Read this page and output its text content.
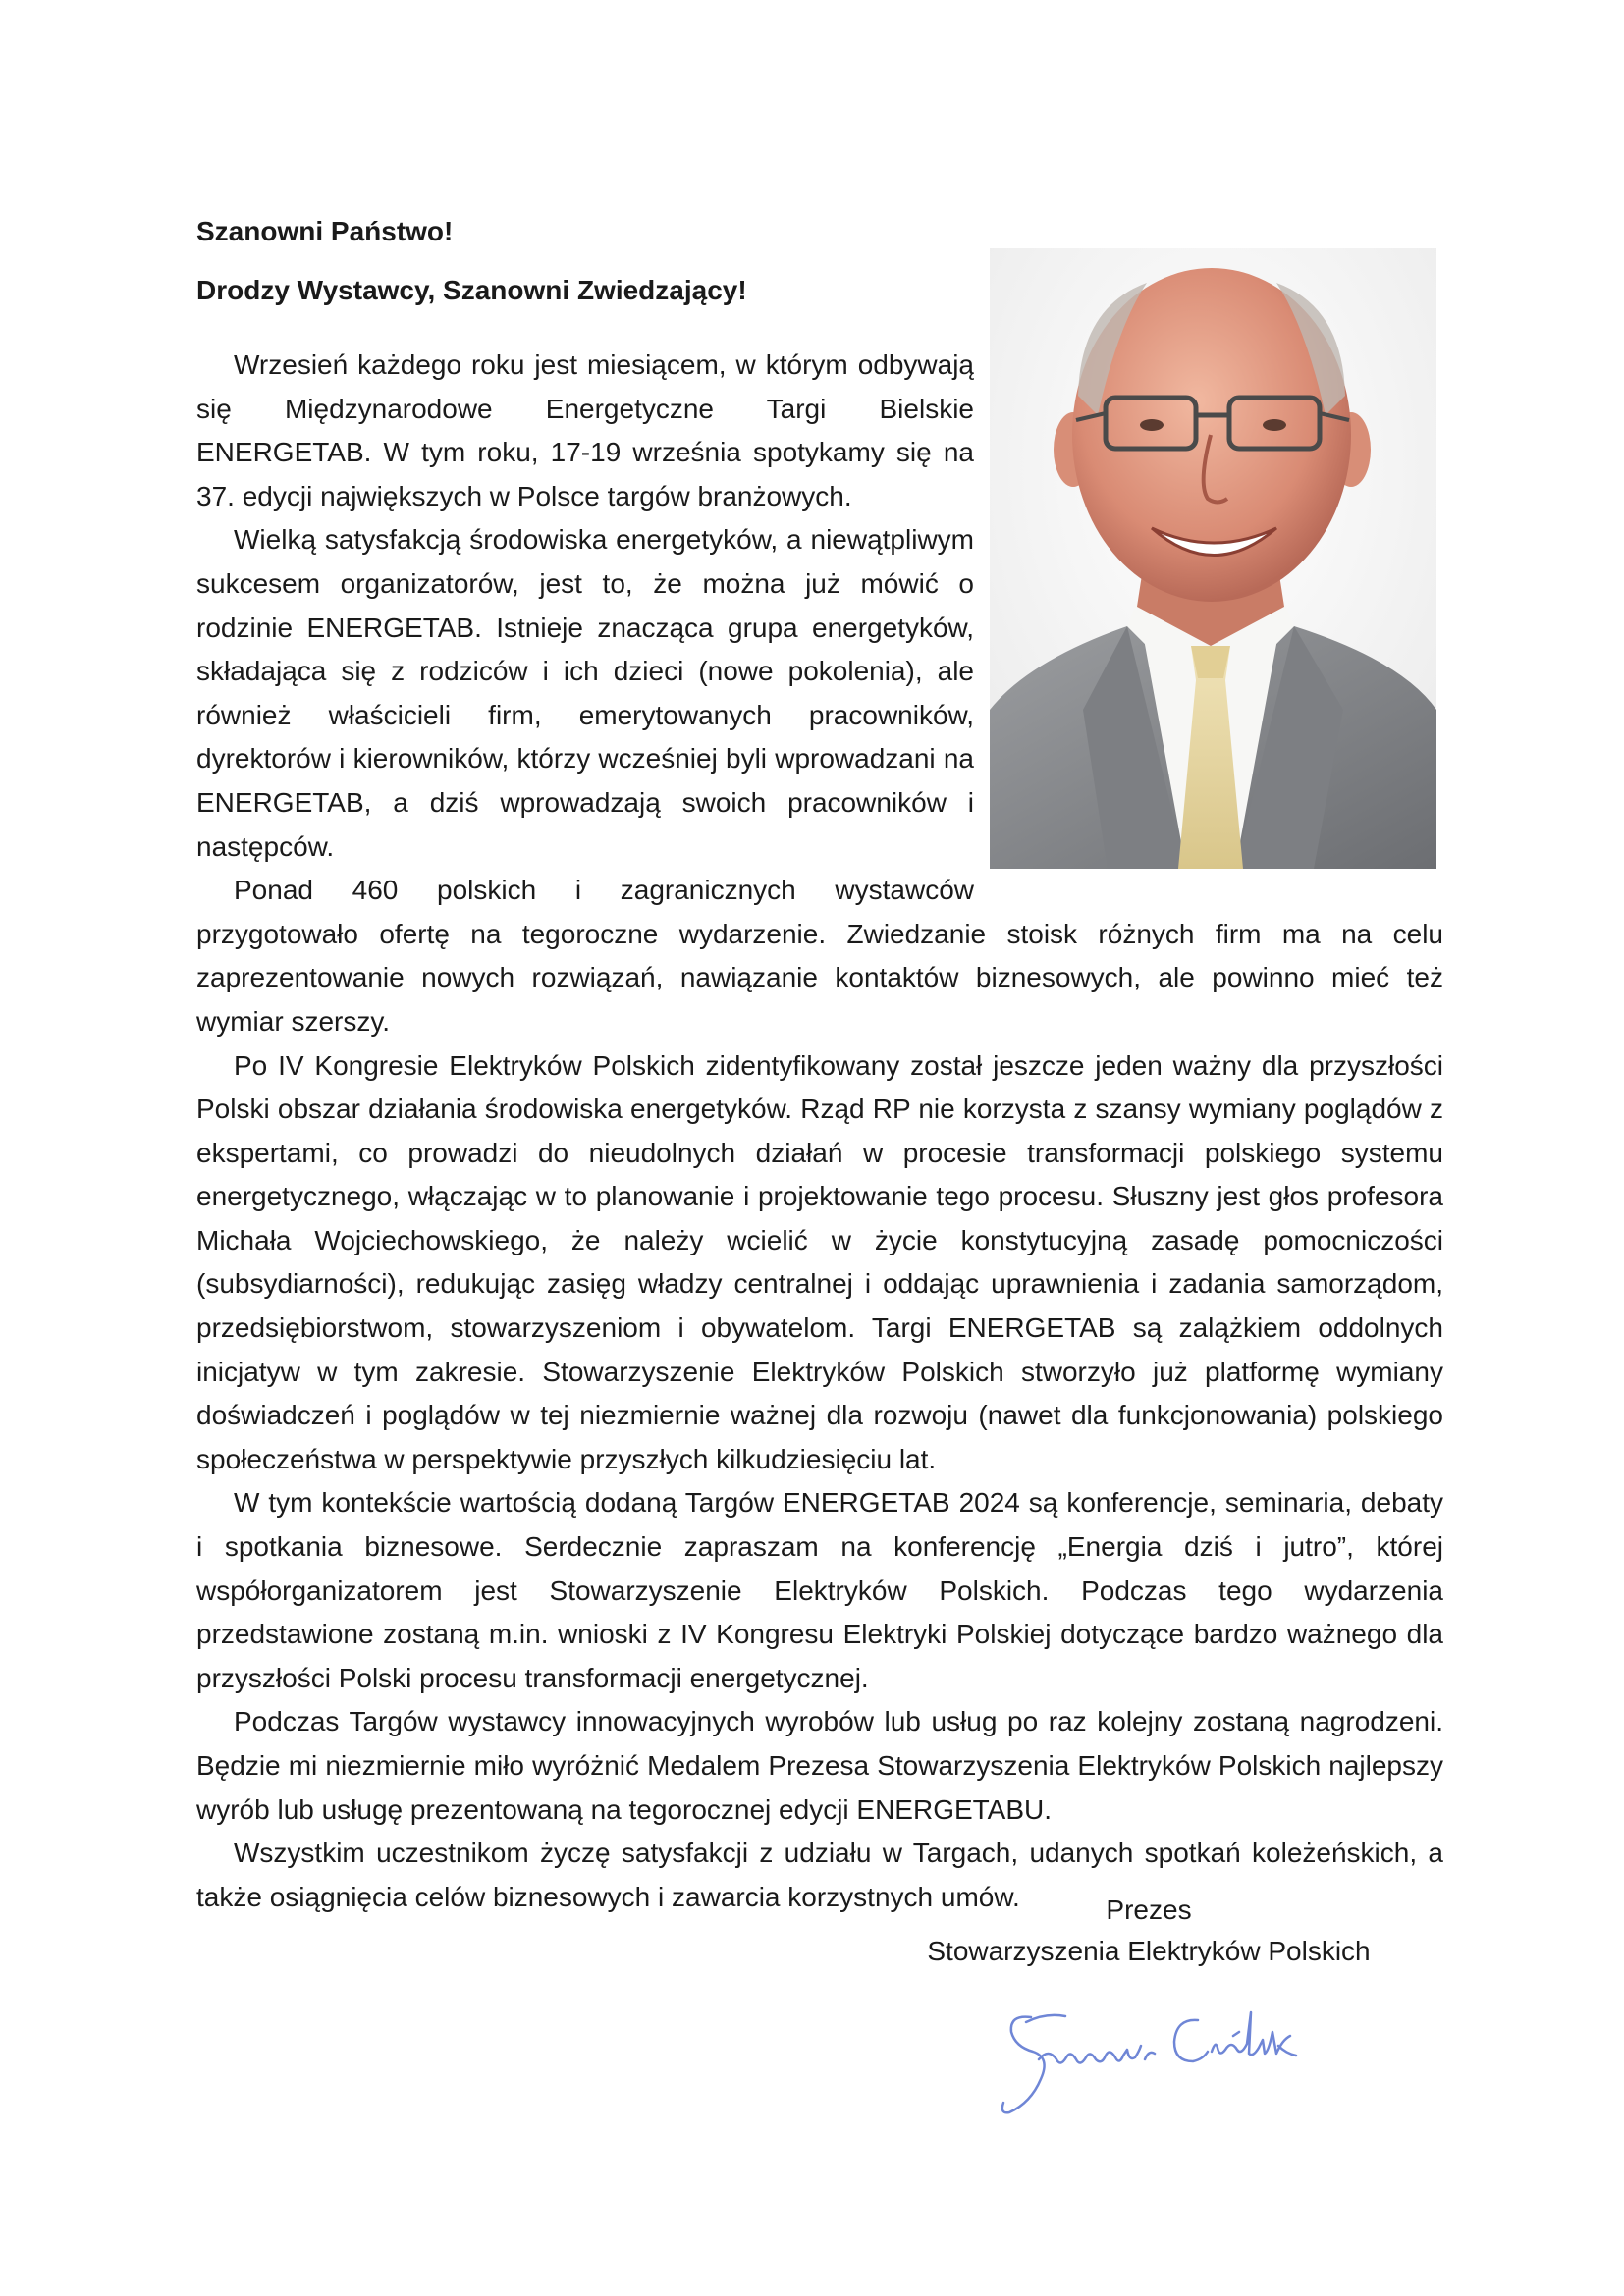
Szanowni Państwo!
Drodzy Wystawcy, Szanowni Zwiedzający!

Wrzesień każdego roku jest miesiącem, w którym odbywają się Międzynarodowe Energetyczne Targi Bielskie ENERGETAB. W tym roku, 17-19 września spotykamy się na 37. edycji największych w Polsce targów branżowych.

Wielką satysfakcją środowiska energetyków, a niewątpliwym sukcesem organizatorów, jest to, że można już mówić o rodzinie ENERGETAB. Istnieje znacząca grupa energetyków, składająca się z rodziców i ich dzieci (nowe pokolenia), ale również właścicieli firm, emerytowanych pracowników, dyrektorów i kierowników, którzy wcześniej byli wprowadzani na ENERGETAB, a dziś wprowadzają swoich pracowników i następców.

Ponad 460 polskich i zagranicznych wystawców przygotowało ofertę na tegoroczne wydarzenie. Zwiedzanie stoisk różnych firm ma na celu zaprezentowanie nowych rozwiązań, nawiązanie kontaktów biznesowych, ale powinno mieć też wymiar szerszy.

Po IV Kongresie Elektryków Polskich zidentyfikowany został jeszcze jeden ważny dla przyszłości Polski obszar działania środowiska energetyków. Rząd RP nie korzysta z szansy wymiany poglądów z ekspertami, co prowadzi do nieudolnych działań w procesie transformacji polskiego systemu energetycznego, włączając w to planowanie i projektowanie tego procesu. Słuszny jest głos profesora Michała Wojciechowskiego, że należy wcielić w życie konstytucyjną zasadę pomocniczości (subsydiarności), redukując zasięg władzy centralnej i oddając uprawnienia i zadania samorządom, przedsiębiorstwom, stowarzyszeniom i obywatelom. Targi ENERGETAB są zalążkiem oddolnych inicjatyw w tym zakresie. Stowarzyszenie Elektryków Polskich stworzyło już platformę wymiany doświadczeń i poglądów w tej niezmiernie ważnej dla rozwoju (nawet dla funkcjonowania) polskiego społeczeństwa w perspektywie przyszłych kilkudziesięciu lat.

W tym kontekście wartością dodaną Targów ENERGETAB 2024 są konferencje, seminaria, debaty i spotkania biznesowe. Serdecznie zapraszam na konferencję „Energia dziś i jutro”, której współorganizatorem jest Stowarzyszenie Elektryków Polskich. Podczas tego wydarzenia przedstawione zostaną m.in. wnioski z IV Kongresu Elektryki Polskiej dotyczące bardzo ważnego dla przyszłości Polski procesu transformacji energetycznej.

Podczas Targów wystawcy innowacyjnych wyrobów lub usług po raz kolejny zostaną nagrodzeni. Będzie mi niezmiernie miło wyróżnić Medalem Prezesa Stowarzyszenia Elektryków Polskich najlepszy wyrób lub usługę prezentowaną na tegorocznej edycji ENERGETABU.

Wszystkim uczestnikom życzę satysfakcji z udziału w Targach, udanych spotkań koleżeńskich, a także osiągnięcia celów biznesowych i zawarcia korzystnych umów.	Prezes
Stowarzyszenia Elektryków Polskich
